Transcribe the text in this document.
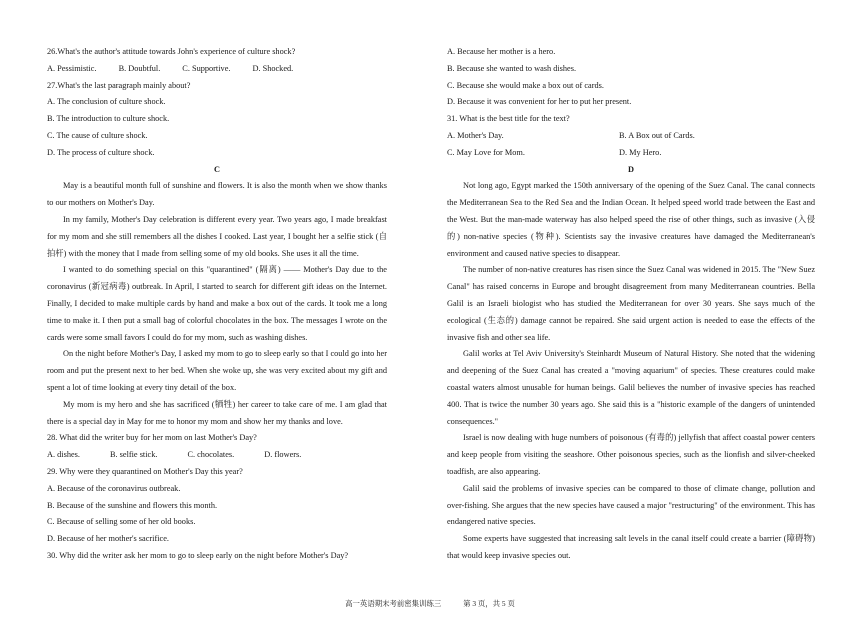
26.What's the author's attitude towards John's experience of culture shock?
A. Pessimistic.	B. Doubtful.	C. Supportive.	D. Shocked.
27.What's the last paragraph mainly about?
A. The conclusion of culture shock.
B. The introduction to culture shock.
C. The cause of culture shock.
D. The process of culture shock.
C
May is a beautiful month full of sunshine and flowers. It is also the month when we show thanks to our mothers on Mother's Day.
In my family, Mother's Day celebration is different every year. Two years ago, I made breakfast for my mom and she still remembers all the dishes I cooked. Last year, I bought her a selfie stick (自拍杆) with the money that I made from selling some of my old books. She uses it all the time.
I wanted to do something special on this "quarantined" (隔离) —— Mother's Day due to the coronavirus (新冠病毒) outbreak. In April, I started to search for different gift ideas on the Internet. Finally, I decided to make multiple cards by hand and make a box out of the cards. It took me a long time to make it. I then put a small bag of colorful chocolates in the box. The messages I wrote on the cards were some small favors I could do for my mom, such as washing dishes.
On the night before Mother's Day, I asked my mom to go to sleep early so that I could go into her room and put the present next to her bed. When she woke up, she was very excited about my gift and spent a lot of time looking at every tiny detail of the box.
My mom is my hero and she has sacrificed (牺牲) her career to take care of me. I am glad that there is a special day in May for me to honor my mom and show her my thanks and love.
28. What did the writer buy for her mom on last Mother's Day?
A. dishes.	B. selfie stick.	C. chocolates.	D. flowers.
29. Why were they quarantined on Mother's Day this year?
A. Because of the coronavirus outbreak.
B. Because of the sunshine and flowers this month.
C. Because of selling some of her old books.
D. Because of her mother's sacrifice.
30. Why did the writer ask her mom to go to sleep early on the night before Mother's Day?
A. Because her mother is a hero.
B. Because she wanted to wash dishes.
C. Because she would make a box out of cards.
D. Because it was convenient for her to put her present.
31. What is the best title for the text?
A. Mother's Day.	B. A Box out of Cards.
C. May Love for Mom.	D. My Hero.
D
Not long ago, Egypt marked the 150th anniversary of the opening of the Suez Canal. The canal connects the Mediterranean Sea to the Red Sea and the Indian Ocean. It helped speed world trade between the East and the West. But the man-made waterway has also helped speed the rise of other things, such as invasive (入侵的) non-native species (物种). Scientists say the invasive creatures have damaged the Mediterranean's environment and caused native species to disappear.
The number of non-native creatures has risen since the Suez Canal was widened in 2015. The "New Suez Canal" has raised concerns in Europe and brought disagreement from many Mediterranean countries. Bella Galil is an Israeli biologist who has studied the Mediterranean for over 30 years. She says much of the ecological (生态的) damage cannot be repaired. She said urgent action is needed to ease the effects of the invasive fish and other sea life.
Galil works at Tel Aviv University's Steinhardt Museum of Natural History. She noted that the widening and deepening of the Suez Canal has created a "moving aquarium" of species. These creatures could make coastal waters almost unusable for human beings. Galil believes the number of invasive species has reached 400. That is twice the number 30 years ago. She said this is a "historic example of the dangers of unintended consequences."
Israel is now dealing with huge numbers of poisonous (有毒的) jellyfish that affect coastal power centers and keep people from visiting the seashore. Other poisonous species, such as the lionfish and silver-cheeked toadfish, are also appearing.
Galil said the problems of invasive species can be compared to those of climate change, pollution and over-fishing. She argues that the new species have caused a major "restructuring" of the environment. This has endangered native species.
Some experts have suggested that increasing salt levels in the canal itself could create a barrier (障碍物) that would keep invasive species out.
高一英语期末考前密集训练三	第 3 页，共 5 页
